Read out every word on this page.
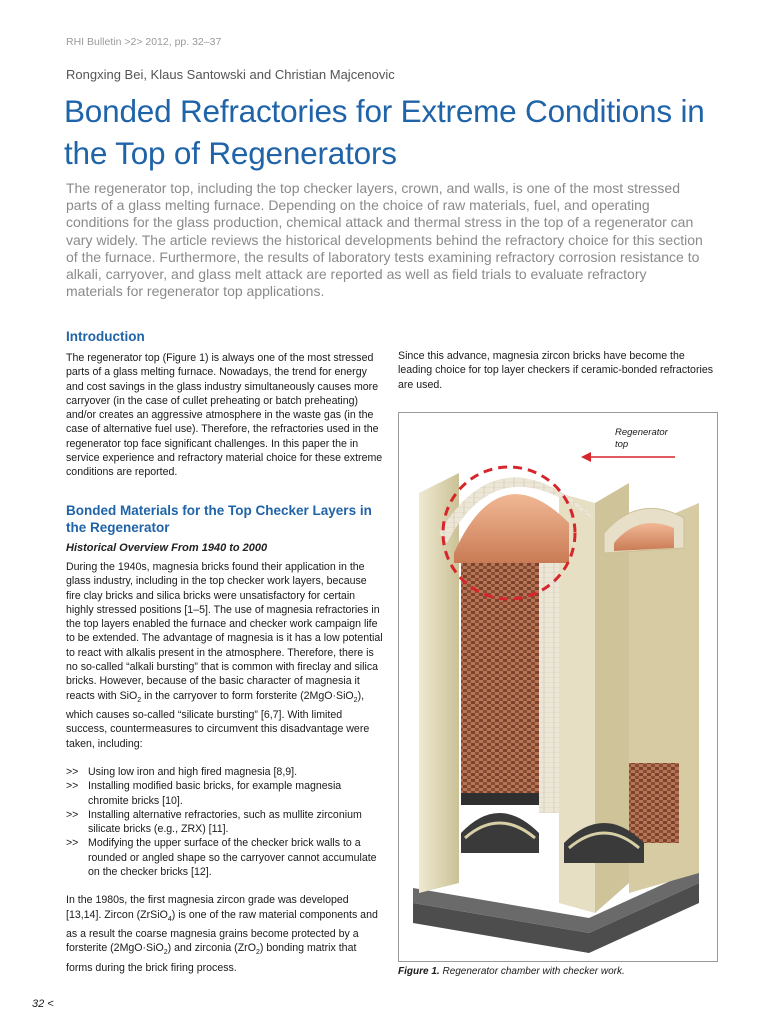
RHI Bulletin >2> 2012, pp. 32–37
Rongxing Bei, Klaus Santowski and Christian Majcenovic
Bonded Refractories for Extreme Conditions in the Top of Regenerators

The regenerator top, including the top checker layers, crown, and walls, is one of the most stressed parts of a glass melting furnace. Depending on the choice of raw materials, fuel, and operating conditions for the glass production, chemical attack and thermal stress in the top of a regenerator can vary widely. The article reviews the historical developments behind the refractory choice for this section of the furnace. Furthermore, the results of laboratory tests examining refractory corrosion resistance to alkali, carryover, and glass melt attack are reported as well as field trials to evaluate refractory materials for regenerator top applications.

Introduction

The regenerator top (Figure 1) is always one of the most stressed parts of a glass melting furnace. Nowadays, the trend for energy and cost savings in the glass industry simultaneously causes more carryover (in the case of cullet preheating or batch preheating) and/or creates an aggressive atmosphere in the waste gas (in the case of alternative fuel use). Therefore, the refractories used in the regenerator top face significant challenges. In this paper the in service experience and refractory material choice for these extreme conditions are reported.

Bonded Materials for the Top Checker Layers in the Regenerator

Historical Overview From 1940 to 2000

During the 1940s, magnesia bricks found their application in the glass industry, including in the top checker work layers, because fire clay bricks and silica bricks were unsatisfactory for certain highly stressed positions [1–5]. The use of magnesia refractories in the top layers enabled the furnace and checker work campaign life to be extended. The advantage of magnesia is it has a low potential to react with alkalis present in the atmosphere. Therefore, there is no so-called “alkali bursting” that is common with fireclay and silica bricks. However, because of the basic character of magnesia it reacts with SiO$_2$ in the carryover to form forsterite (2MgO·SiO$_2$), which causes so-called “silicate bursting” [6,7]. With limited success, countermeasures to circumvent this disadvantage were taken, including:

>> Using low iron and high fired magnesia [8,9].
>> Installing modified basic bricks, for example magnesia chromite bricks [10].
>> Installing alternative refractories, such as mullite zirconium silicate bricks (e.g., ZRX) [11].
>> Modifying the upper surface of the checker brick walls to a rounded or angled shape so the carryover cannot accumulate on the checker bricks [12].

In the 1980s, the first magnesia zircon grade was developed [13,14]. Zircon (ZrSiO$_4$) is one of the raw material components and as a result the coarse magnesia grains become protected by a forsterite (2MgO·SiO$_2$) and zirconia (ZrO$_2$) bonding matrix that forms during the brick firing process.

Since this advance, magnesia zircon bricks have become the leading choice for top layer checkers if ceramic-bonded refractories are used.

Regenerator
top
Figure 1. Regenerator chamber with checker work.
32 <
